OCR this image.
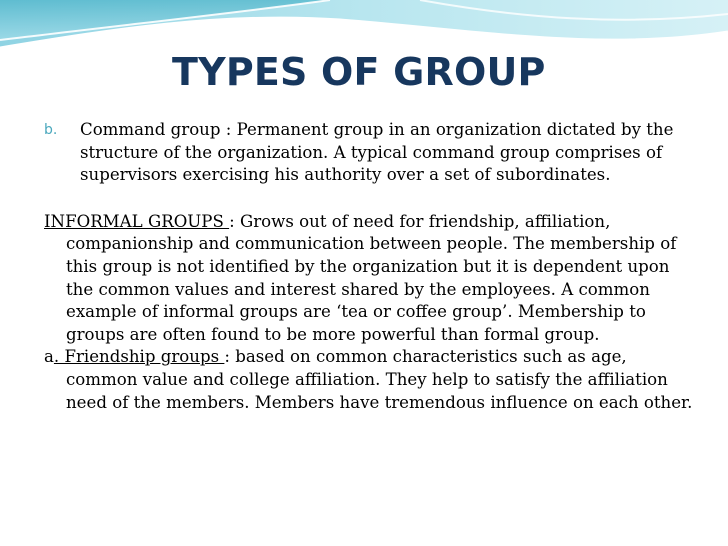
TYPES OF GROUP
b. Command group : Permanent group in an organization dictated by the structure of the organization. A typical command group comprises of supervisors exercising his authority over a set of subordinates.

INFORMAL GROUPS : Grows out of need for friendship, affiliation, companionship and communication between people. The membership of this group is not identified by the organization but it is dependent upon the common values and interest shared by the employees. A common example of informal groups are ‘tea or coffee group’. Membership to groups are often found to be more powerful than formal group.

a. Friendship groups : based on common characteristics such as age, common value and college affiliation. They help to satisfy the affiliation need of the members. Members have tremendous influence on each other.
